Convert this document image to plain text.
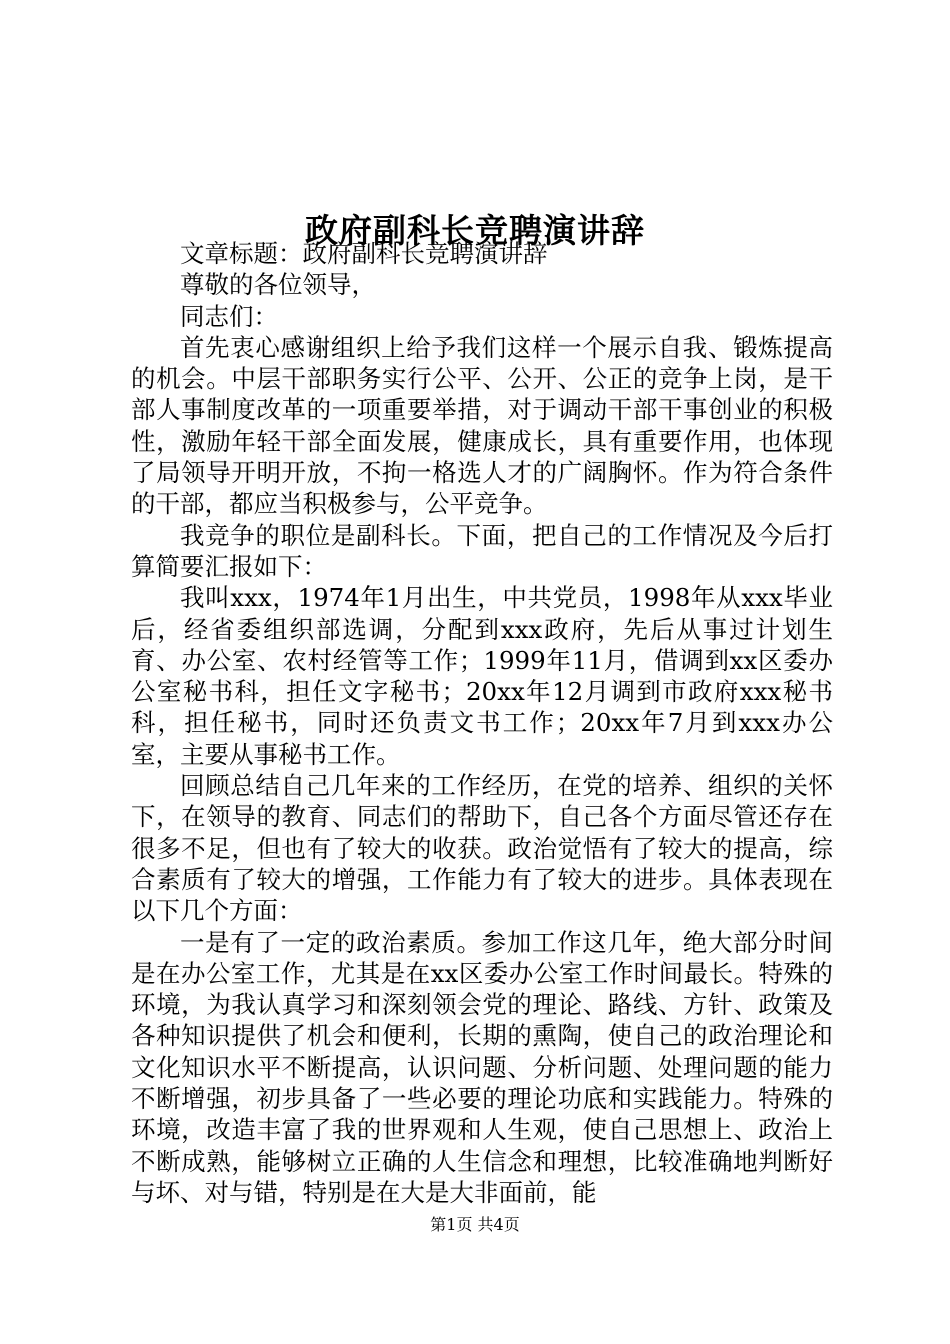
政府副科长竞聘演讲辞

文章标题：政府副科长竞聘演讲辞

尊敬的各位领导，

同志们：

首先衷心感谢组织上给予我们这样一个展示自我、锻炼提高的机会。中层干部职务实行公平、公开、公正的竞争上岗，是干部人事制度改革的一项重要举措，对于调动干部干事创业的积极性，激励年轻干部全面发展，健康成长，具有重要作用，也体现了局领导开明开放，不拘一格选人才的广阔胸怀。作为符合条件的干部，都应当积极参与，公平竞争。

我竞争的职位是副科长。下面，把自己的工作情况及今后打算简要汇报如下：

我叫xxx，1974年1月出生，中共党员，1998年从xxx毕业后，经省委组织部选调，分配到xxx政府，先后从事过计划生育、办公室、农村经管等工作；1999年11月，借调到xx区委办公室秘书科，担任文字秘书；20xx年12月调到市政府xxx秘书科，担任秘书，同时还负责文书工作；20xx年7月到xxx办公室，主要从事秘书工作。

回顾总结自己几年来的工作经历，在党的培养、组织的关怀下，在领导的教育、同志们的帮助下，自己各个方面尽管还存在很多不足，但也有了较大的收获。政治觉悟有了较大的提高，综合素质有了较大的增强，工作能力有了较大的进步。具体表现在以下几个方面：

一是有了一定的政治素质。参加工作这几年，绝大部分时间是在办公室工作，尤其是在xx区委办公室工作时间最长。特殊的环境，为我认真学习和深刻领会党的理论、路线、方针、政策及各种知识提供了机会和便利，长期的熏陶，使自己的政治理论和文化知识水平不断提高，认识问题、分析问题、处理问题的能力不断增强，初步具备了一些必要的理论功底和实践能力。特殊的环境，改造丰富了我的世界观和人生观，使自己思想上、政治上不断成熟，能够树立正确的人生信念和理想，比较准确地判断好与坏、对与错，特别是在大是大非面前，能

第1页 共4页
